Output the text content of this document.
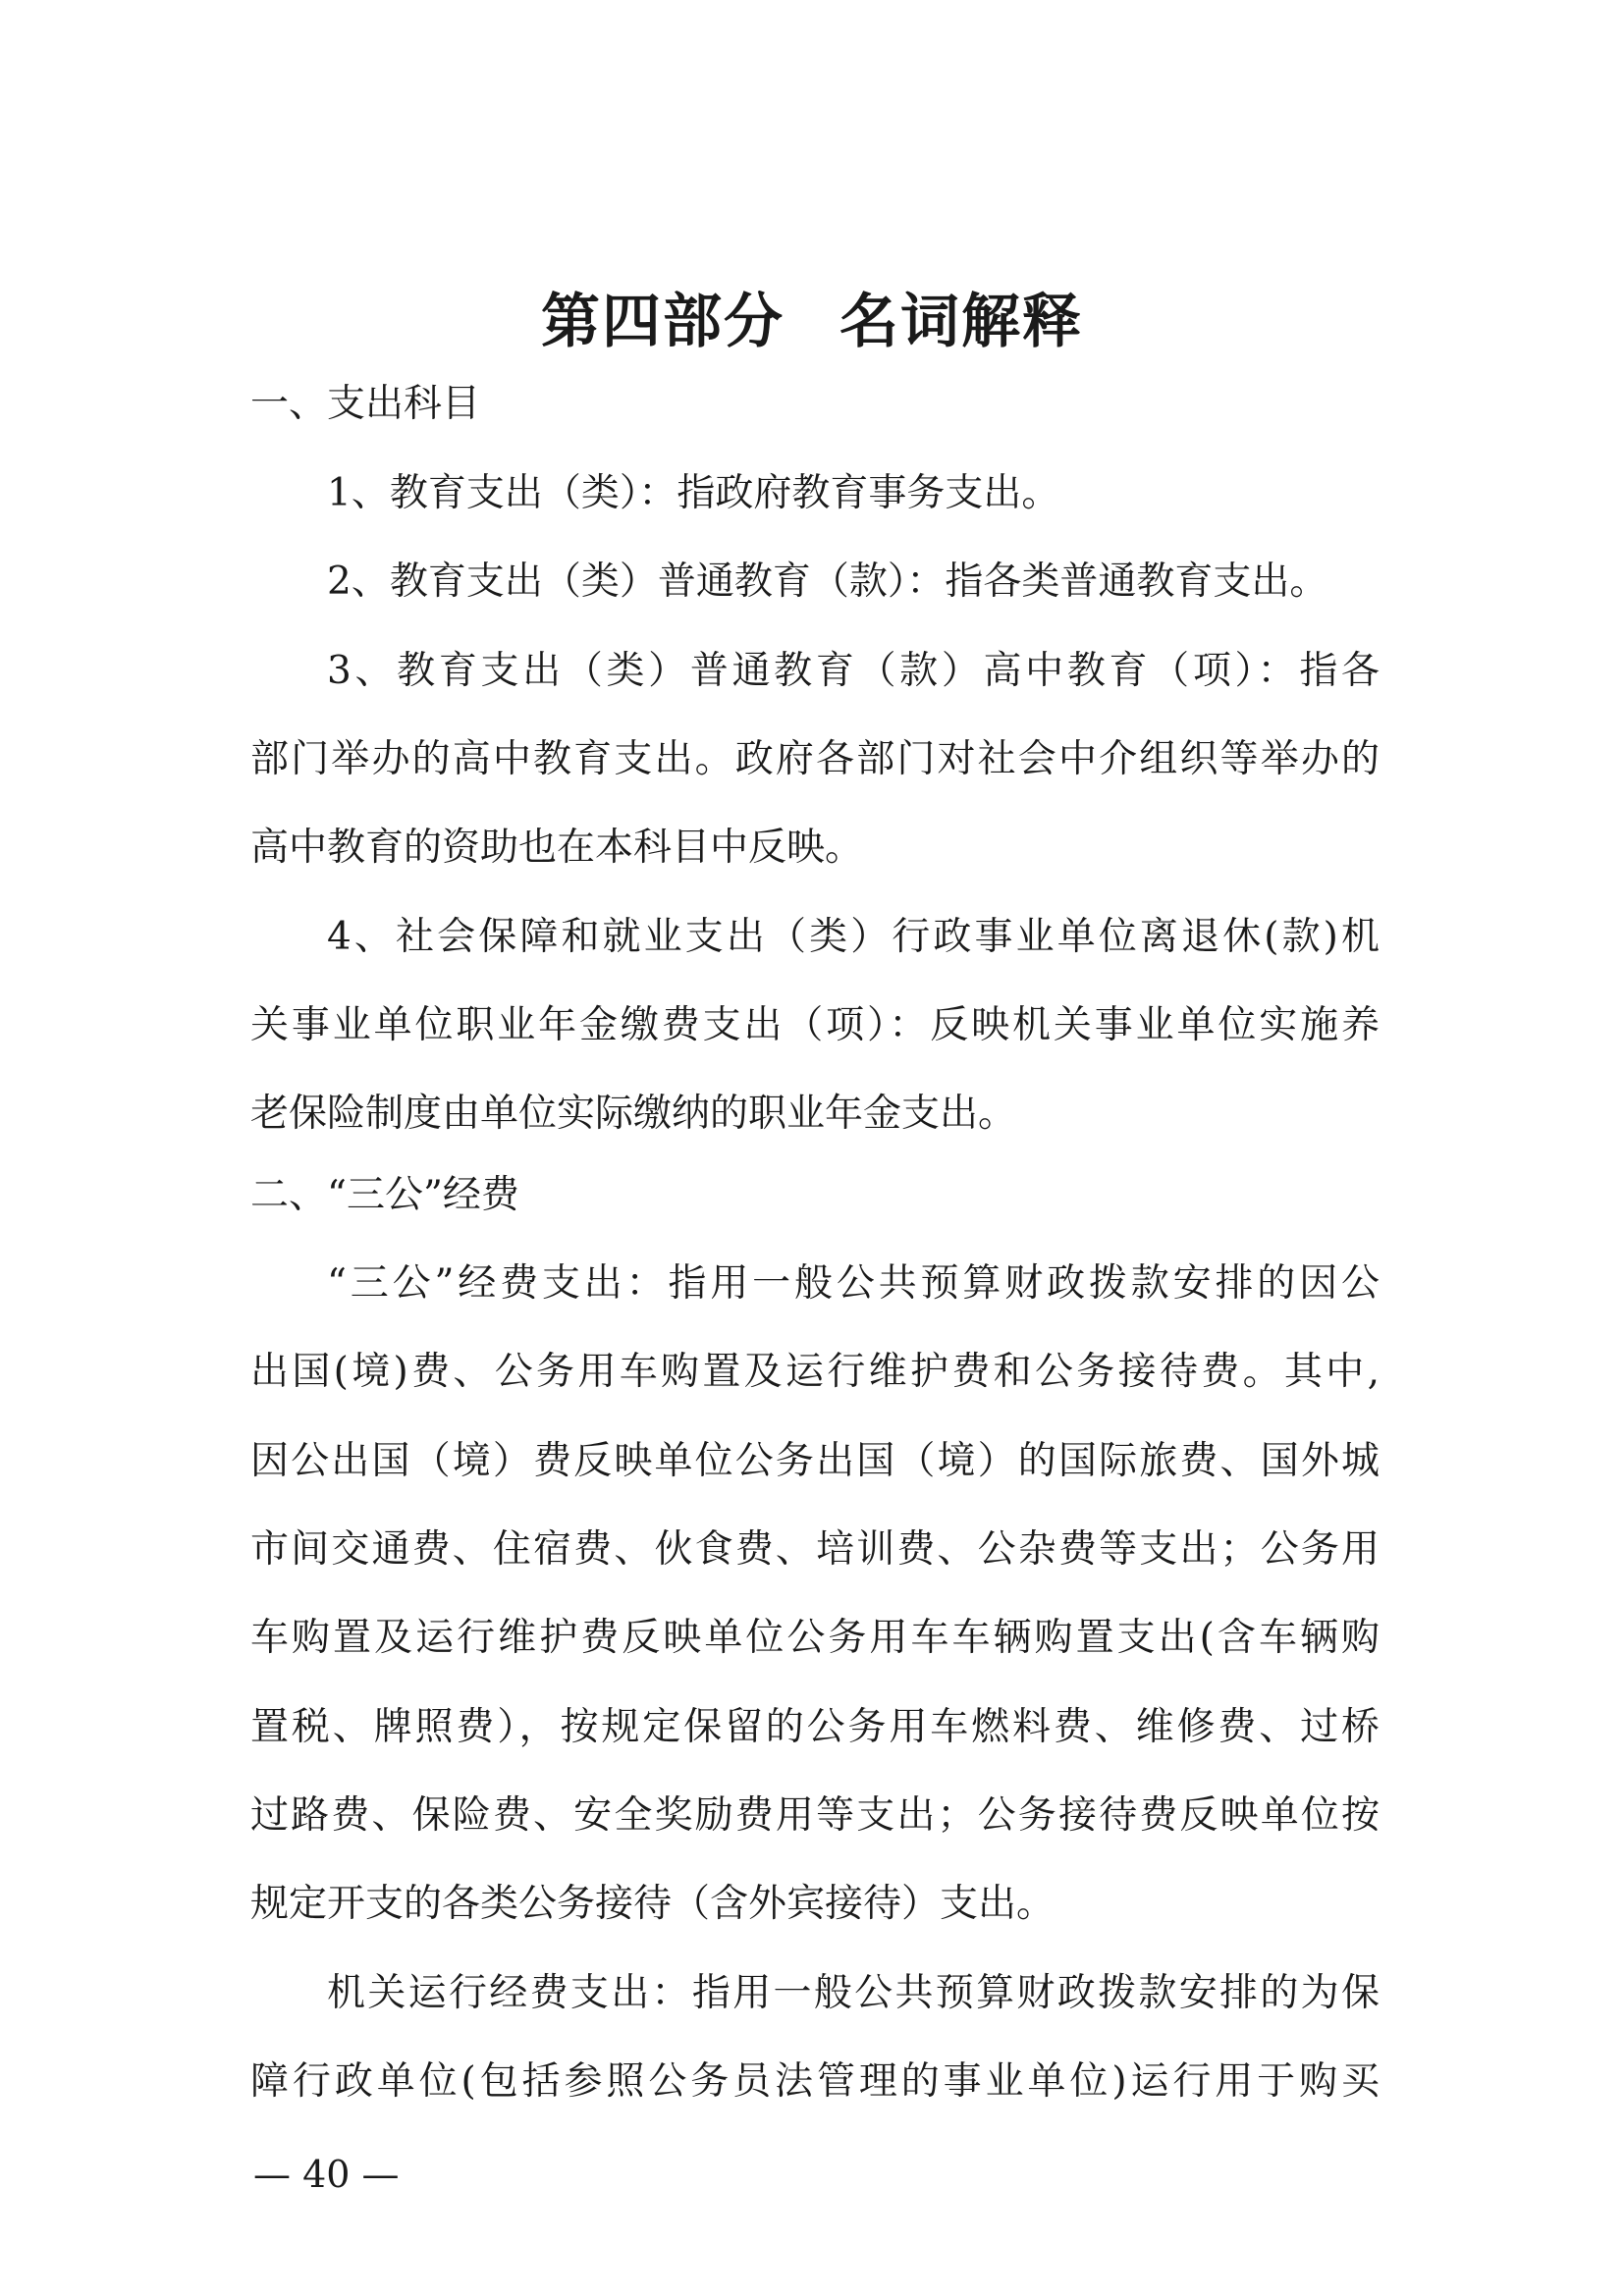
第四部分 名词解释

一、支出科目

1、教育支出（类）：指政府教育事务支出。

2、教育支出（类）普通教育（款）：指各类普通教育支出。

3、教育支出（类）普通教育（款）高中教育（项）：指各

部门举办的高中教育支出。政府各部门对社会中介组织等举办的

高中教育的资助也在本科目中反映。

4、社会保障和就业支出（类）行政事业单位离退休(款)机

关事业单位职业年金缴费支出（项）：反映机关事业单位实施养

老保险制度由单位实际缴纳的职业年金支出。

二、“三公”经费

“三公”经费支出：指用一般公共预算财政拨款安排的因公

出国(境)费、公务用车购置及运行维护费和公务接待费。其中,

因公出国（境）费反映单位公务出国（境）的国际旅费、国外城

市间交通费、住宿费、伙食费、培训费、公杂费等支出；公务用

车购置及运行维护费反映单位公务用车车辆购置支出(含车辆购

置税、牌照费），按规定保留的公务用车燃料费、维修费、过桥

过路费、保险费、安全奖励费用等支出；公务接待费反映单位按

规定开支的各类公务接待（含外宾接待）支出。

机关运行经费支出：指用一般公共预算财政拨款安排的为保

障行政单位(包括参照公务员法管理的事业单位)运行用于购买

— 40 —
